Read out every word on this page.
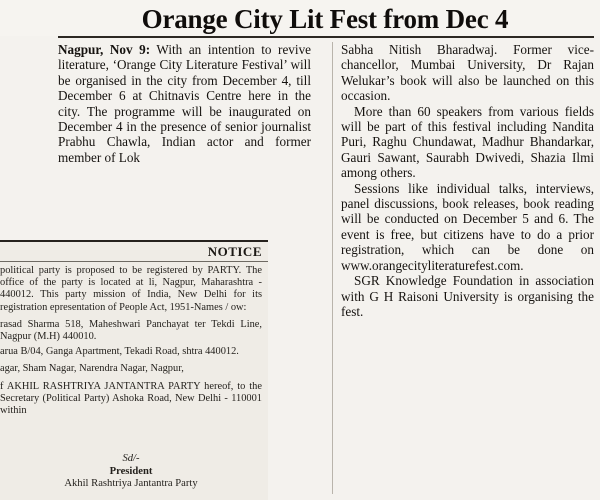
Orange City Lit Fest from Dec 4

Nagpur, Nov 9: With an intention to revive literature, ‘Orange City Literature Festival’ will be organised in the city from December 4, till December 6 at Chitnavis Centre here in the city. The programme will be inaugurated on December 4 in the presence of senior journalist Prabhu Chawla, Indian actor and former member of Lok

Sabha Nitish Bharadwaj. Former vice-chancellor, Mumbai University, Dr Rajan Welukar’s book will also be launched on this occasion.

More than 60 speakers from various fields will be part of this festival including Nandita Puri, Raghu Chundawat, Madhur Bhandarkar, Gauri Sawant, Saurabh Dwivedi, Shazia Ilmi among others.

Sessions like individual talks, interviews, panel discussions, book releases, book reading will be conducted on December 5 and 6. The event is free, but citizens have to do a prior registration, which can be done on www.orangecityliteraturefest.com.

SGR Knowledge Foundation in association with G H Raisoni University is organising the fest.

NOTICE

political party is proposed to be registered by PARTY. The office of the party is located at li, Nagpur, Maharashtra - 440012. This party mission of India, New Delhi for its registration epresentation of People Act, 1951-Names / ow:

rasad Sharma 518, Maheshwari Panchayat ter Tekdi Line, Nagpur (M.H) 440010.

arua B/04, Ganga Apartment, Tekadi Road, shtra 440012.

agar, Sham Nagar, Narendra Nagar, Nagpur,

f AKHIL RASHTRIYA JANTANTRA PARTY hereof, to the Secretary (Political Party) Ashoka Road, New Delhi - 110001 within

Sd/-
President
Akhil Rashtriya Jantantra Party
